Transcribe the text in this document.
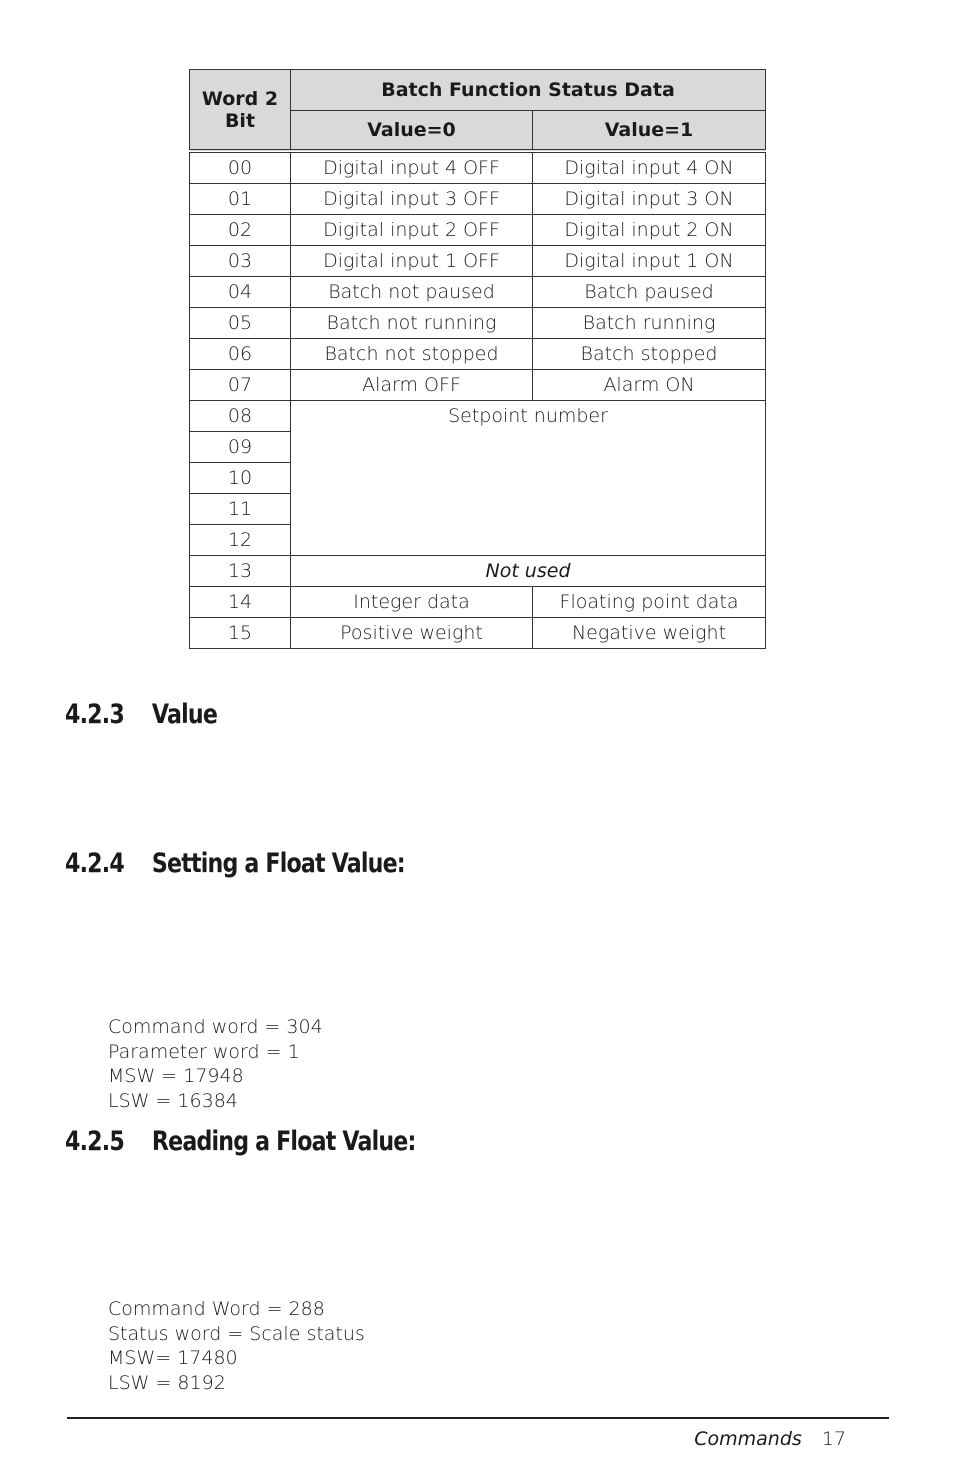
Word 2
Bit	Batch Function Status Data	
	Value=0	Value=1
00	Digital input 4 OFF	Digital input 4 ON
01	Digital input 3 OFF	Digital input 3 ON
02	Digital input 2 OFF	Digital input 2 ON
03	Digital input 1 OFF	Digital input 1 ON
04	Batch not paused	Batch paused
05	Batch not running	Batch running
06	Batch not stopped	Batch stopped
07	Alarm OFF	Alarm ON
08	Setpoint number	
09		
10		
11		
12		
13	Not used	
14	Integer data	Floating point data
15	Positive weight	Negative weight
4.2.3 Value
4.2.4 Setting a Float Value:
Command word = 304
Parameter word = 1
MSW = 17948
LSW = 16384
4.2.5 Reading a Float Value:
Command Word = 288
Status word = Scale status
MSW= 17480
LSW = 8192
Commands 17
